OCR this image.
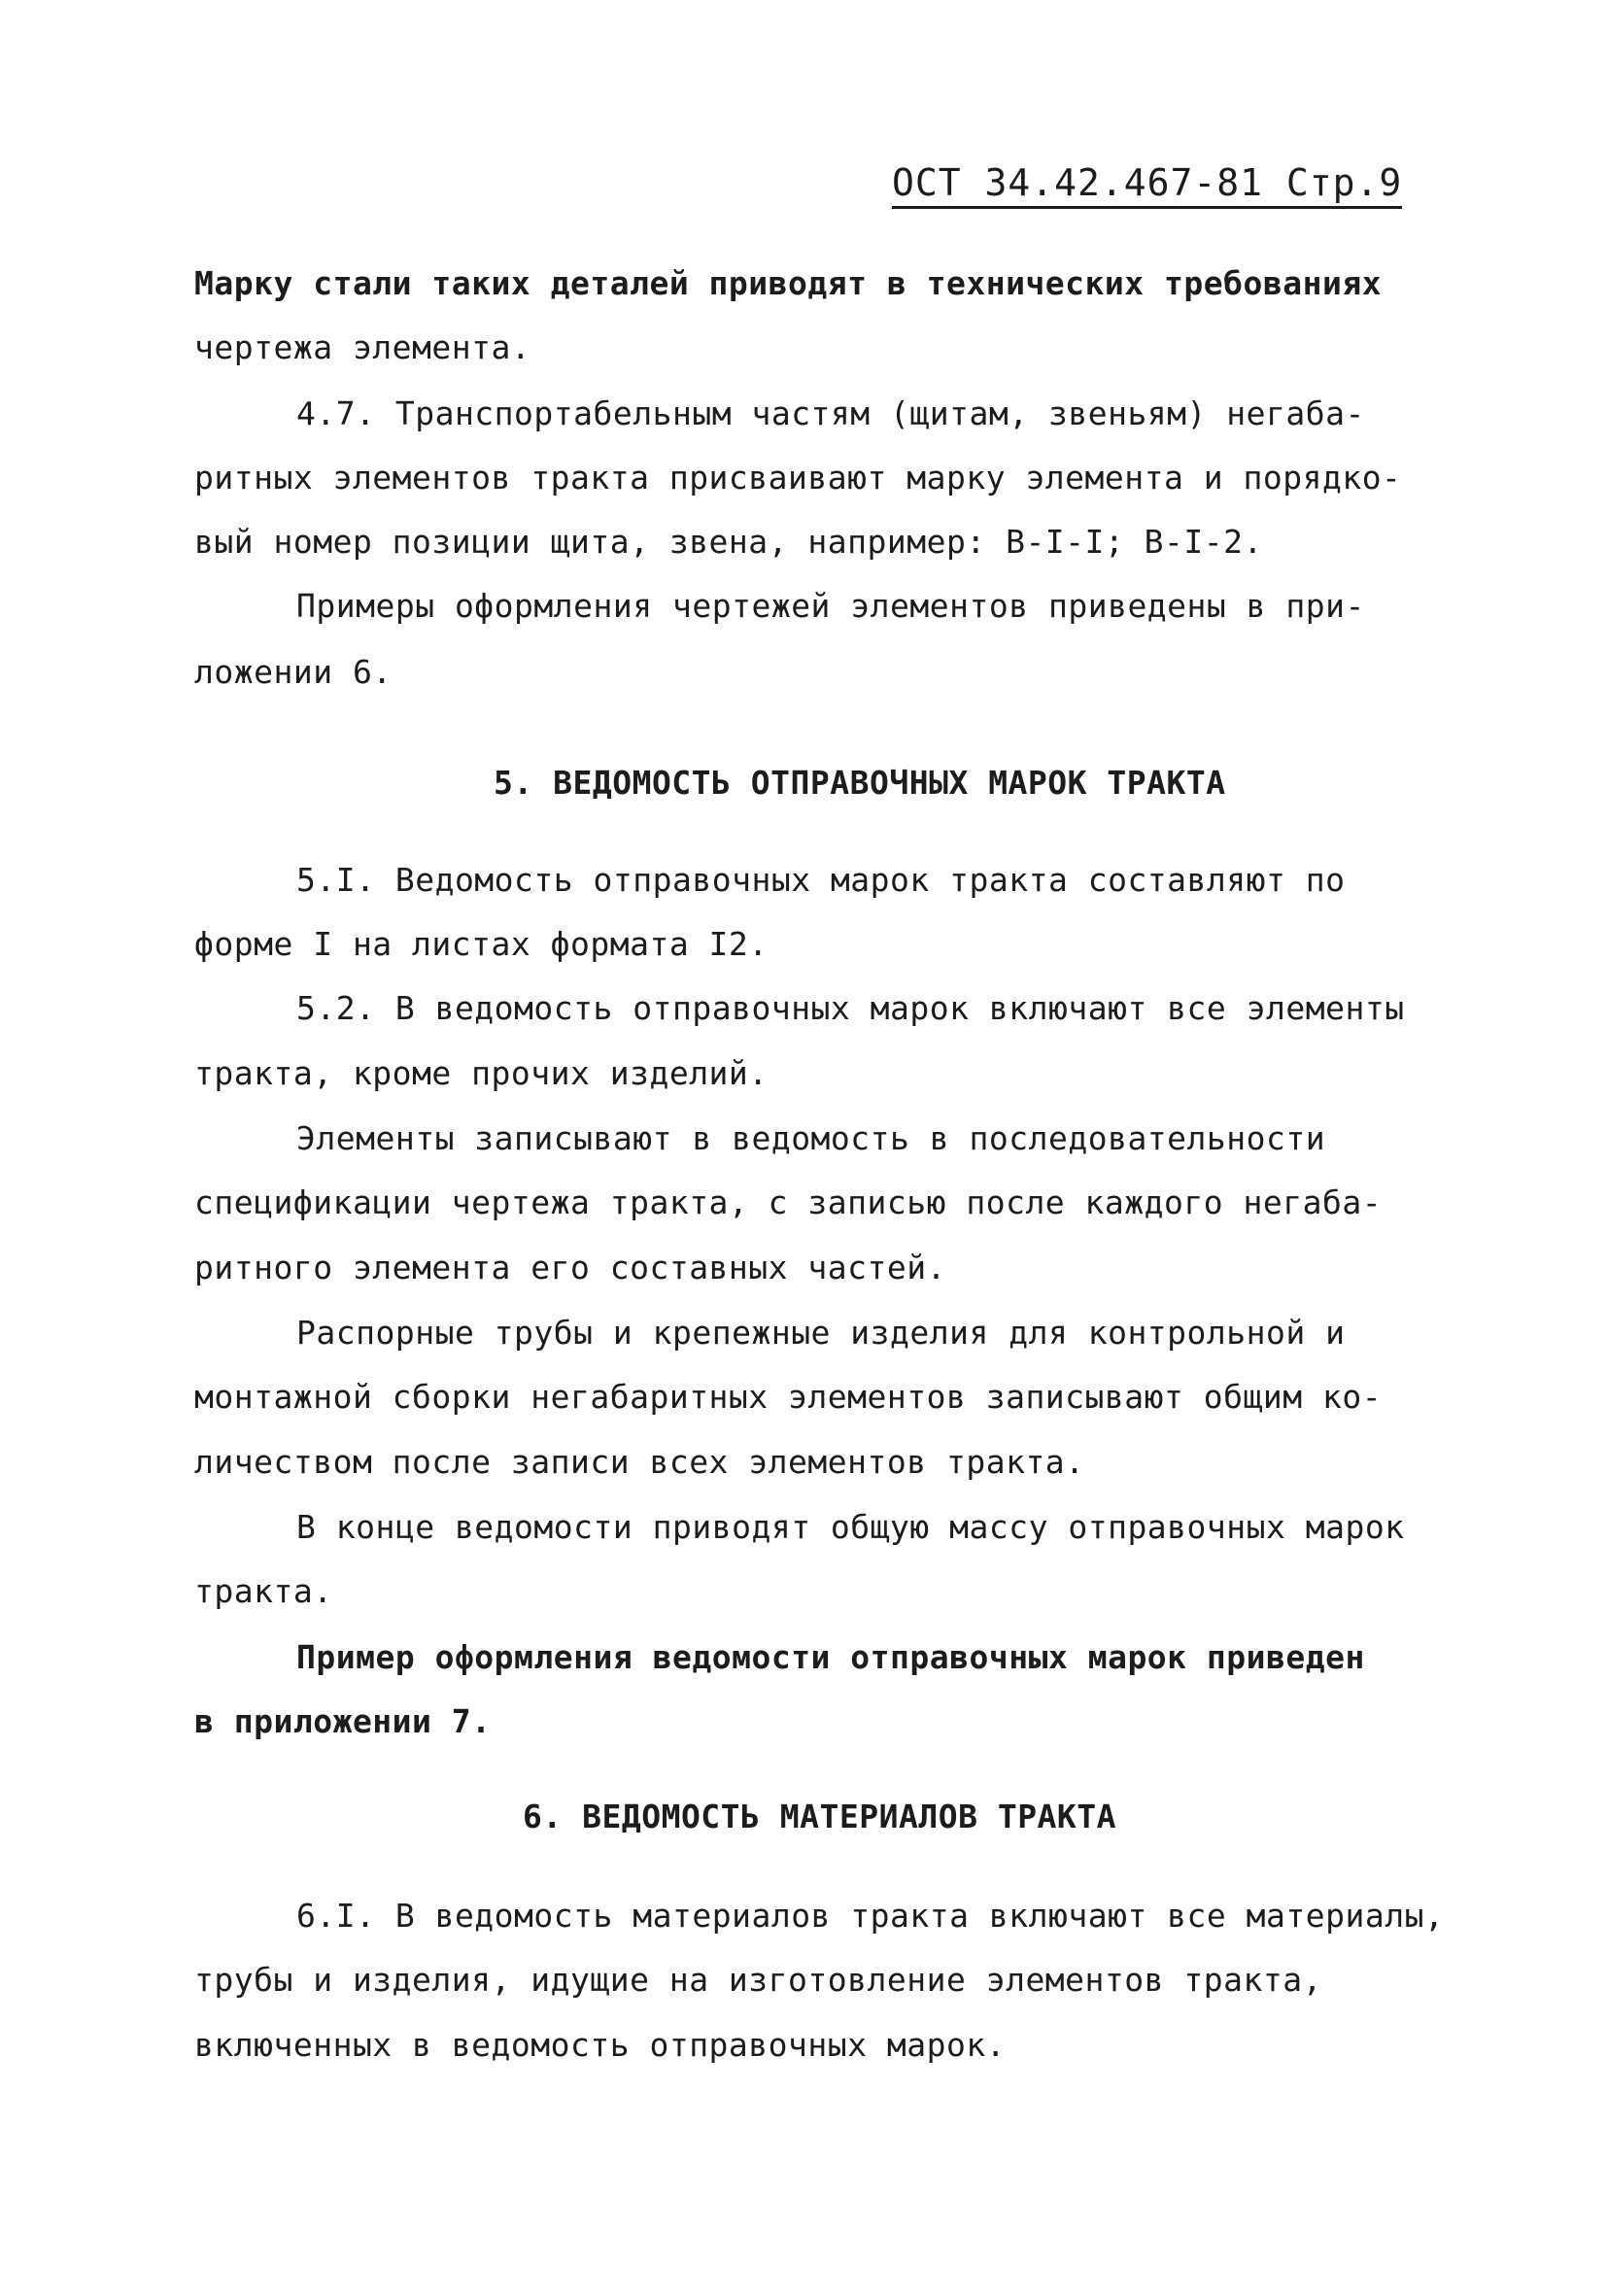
ОСТ 34.42.467-81 Стр.9
Марку стали таких деталей приводят в технических требованиях
чертежа элемента.
4.7. Транспортабельным частям (щитам, звеньям) негаба-
ритных элементов тракта присваивают марку элемента и порядко-
вый номер позиции щита, звена, например: В-I-I; В-I-2.
Примеры оформления чертежей элементов приведены в при-
ложении 6.
5. ВЕДОМОСТЬ ОТПРАВОЧНЫХ МАРОК ТРАКТА
5.I. Ведомость отправочных марок тракта составляют по
форме I на листах формата I2.
5.2. В ведомость отправочных марок включают все элементы
тракта, кроме прочих изделий.
Элементы записывают в ведомость в последовательности
спецификации чертежа тракта, с записью после каждого негаба-
ритного элемента его составных частей.
Распорные трубы и крепежные изделия для контрольной и
монтажной сборки негабаритных элементов записывают общим ко-
личеством после записи всех элементов тракта.
В конце ведомости приводят общую массу отправочных марок
тракта.
Пример оформления ведомости отправочных марок приведен
в приложении 7.
6. ВЕДОМОСТЬ МАТЕРИАЛОВ ТРАКТА
6.I. В ведомость материалов тракта включают все материалы,
трубы и изделия, идущие на изготовление элементов тракта,
включенных в ведомость отправочных марок.
